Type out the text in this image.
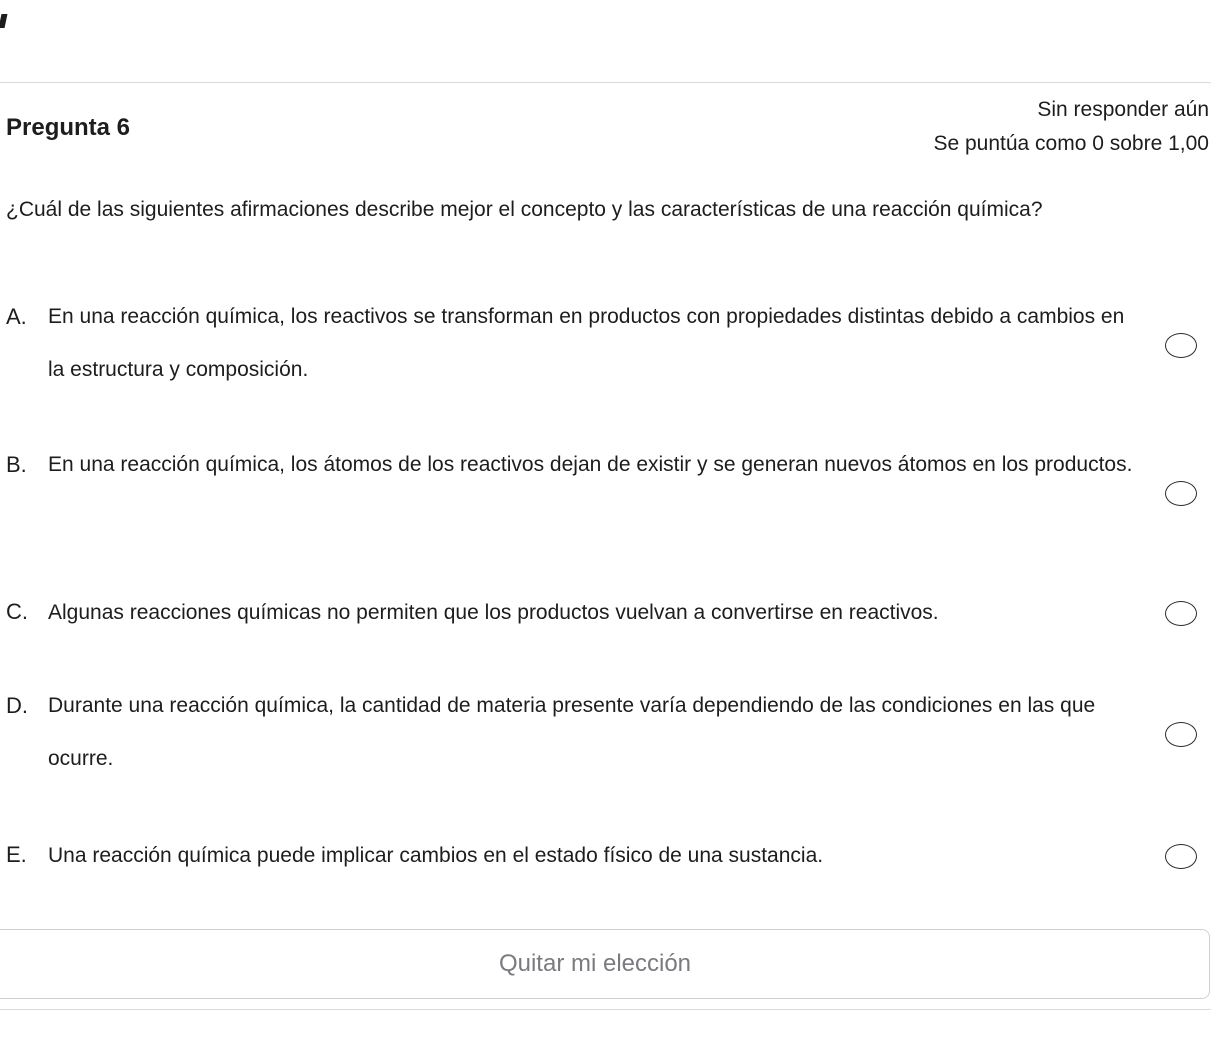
Pregunta 6
Sin responder aún
Se puntúa como 0 sobre 1,00
¿Cuál de las siguientes afirmaciones describe mejor el concepto y las características de una reacción química?
A. En una reacción química, los reactivos se transforman en productos con propiedades distintas debido a cambios en la estructura y composición.
B. En una reacción química, los átomos de los reactivos dejan de existir y se generan nuevos átomos en los productos.
C. Algunas reacciones químicas no permiten que los productos vuelvan a convertirse en reactivos.
D. Durante una reacción química, la cantidad de materia presente varía dependiendo de las condiciones en las que ocurre.
E. Una reacción química puede implicar cambios en el estado físico de una sustancia.
Quitar mi elección
